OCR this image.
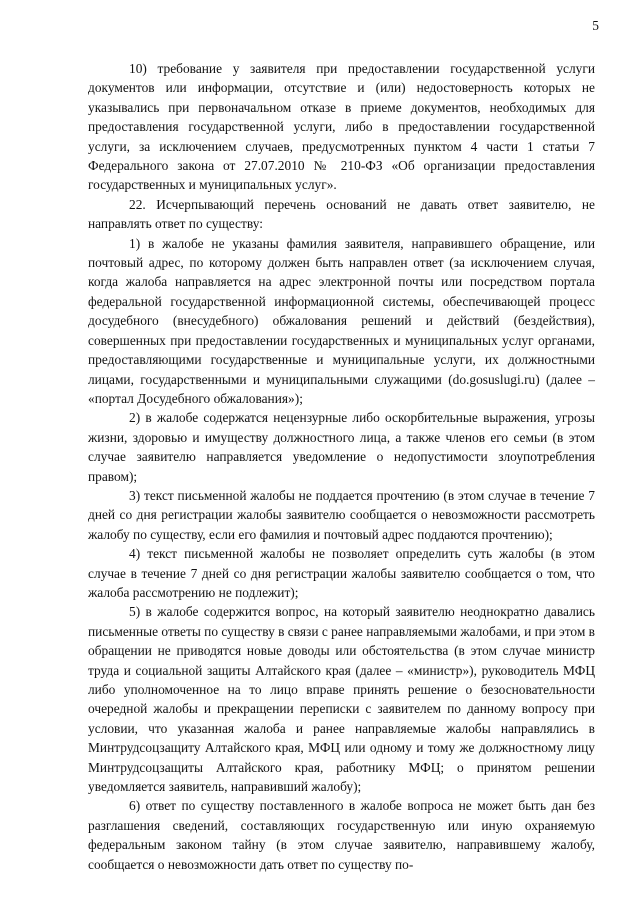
5

10) требование у заявителя при предоставлении государственной услуги документов или информации, отсутствие и (или) недостоверность которых не указывались при первоначальном отказе в приеме документов, необходимых для предоставления государственной услуги, либо в предоставлении государственной услуги, за исключением случаев, предусмотренных пунктом 4 части 1 статьи 7 Федерального закона от 27.07.2010 № 210-ФЗ «Об организации предоставления государственных и муниципальных услуг».

22. Исчерпывающий перечень оснований не давать ответ заявителю, не направлять ответ по существу:

1) в жалобе не указаны фамилия заявителя, направившего обращение, или почтовый адрес, по которому должен быть направлен ответ (за исключением случая, когда жалоба направляется на адрес электронной почты или посредством портала федеральной государственной информационной системы, обеспечивающей процесс досудебного (внесудебного) обжалования решений и действий (бездействия), совершенных при предоставлении государственных и муниципальных услуг органами, предоставляющими государственные и муниципальные услуги, их должностными лицами, государственными и муниципальными служащими (do.gosuslugi.ru) (далее – «портал Досудебного обжалования»);

2) в жалобе содержатся нецензурные либо оскорбительные выражения, угрозы жизни, здоровью и имуществу должностного лица, а также членов его семьи (в этом случае заявителю направляется уведомление о недопустимости злоупотребления правом);

3) текст письменной жалобы не поддается прочтению (в этом случае в течение 7 дней со дня регистрации жалобы заявителю сообщается о невозможности рассмотреть жалобу по существу, если его фамилия и почтовый адрес поддаются прочтению);

4) текст письменной жалобы не позволяет определить суть жалобы (в этом случае в течение 7 дней со дня регистрации жалобы заявителю сообщается о том, что жалоба рассмотрению не подлежит);

5) в жалобе содержится вопрос, на который заявителю неоднократно давались письменные ответы по существу в связи с ранее направляемыми жалобами, и при этом в обращении не приводятся новые доводы или обстоятельства (в этом случае министр труда и социальной защиты Алтайского края (далее – «министр»), руководитель МФЦ либо уполномоченное на то лицо вправе принять решение о безосновательности очередной жалобы и прекращении переписки с заявителем по данному вопросу при условии, что указанная жалоба и ранее направляемые жалобы направлялись в Минтрудсоцзащиту Алтайского края, МФЦ или одному и тому же должностному лицу Минтрудсоцзащиты Алтайского края, работнику МФЦ; о принятом решении уведомляется заявитель, направивший жалобу);

6) ответ по существу поставленного в жалобе вопроса не может быть дан без разглашения сведений, составляющих государственную или иную охраняемую федеральным законом тайну (в этом случае заявителю, направившему жалобу, сообщается о невозможности дать ответ по существу по-
